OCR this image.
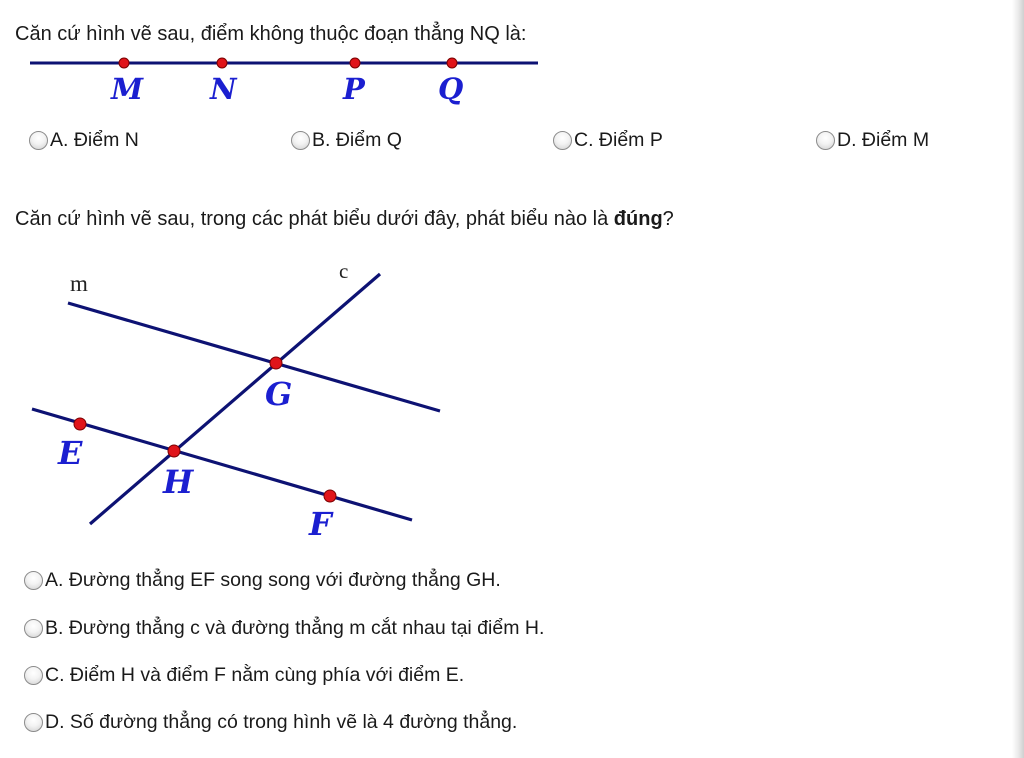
Căn cứ hình vẽ sau, điểm không thuộc đoạn thẳng NQ là:
M N	P	Q
A. Điểm N	B. Điểm Q	C. Điểm P	D. Điểm M
Căn cứ hình vẽ sau, trong các phát biểu dưới đây, phát biểu nào là đúng?
m	c
G
E
H
F
A. Đường thẳng EF song song với đường thẳng GH.
B. Đường thẳng c và đường thẳng m cắt nhau tại điểm H.
C. Điểm H và điểm F nằm cùng phía với điểm E.
D. Số đường thẳng có trong hình vẽ là 4 đường thẳng.
